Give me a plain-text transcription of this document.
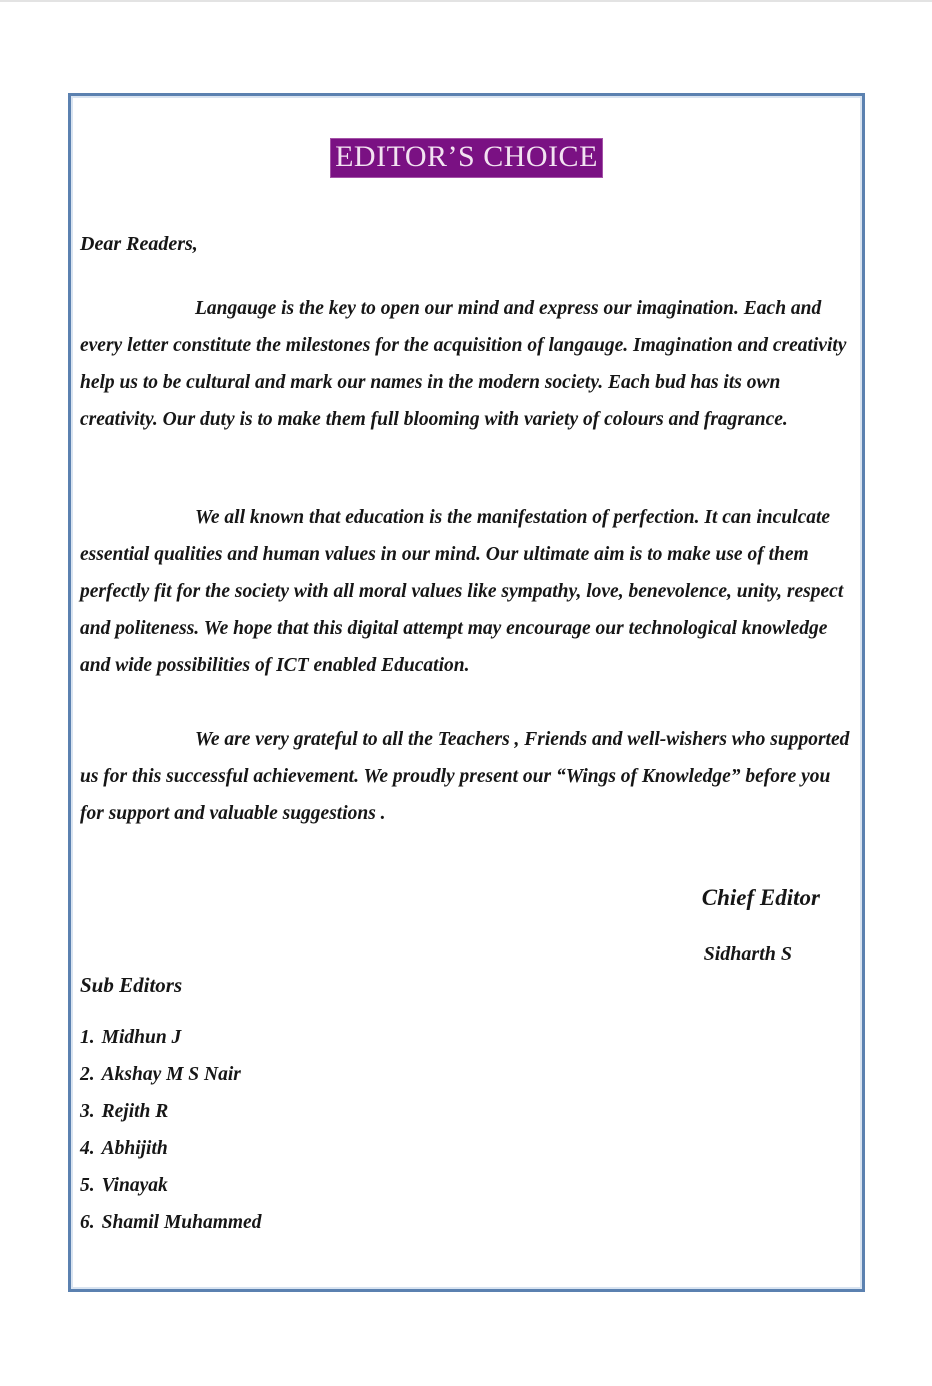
EDITOR’S CHOICE

Dear Readers,

Langauge is the key to open our mind and express our imagination. Each and every letter constitute the milestones for the acquisition of langauge. Imagination and creativity help us to be cultural and mark our names in the modern society. Each bud has its own creativity. Our duty is to make them full blooming with variety of colours and fragrance.

We all known that education is the manifestation of perfection. It can inculcate essential qualities and human values in our mind. Our ultimate aim is to make use of them perfectly fit for the society with all moral values like sympathy, love, benevolence, unity, respect and politeness. We hope that this digital attempt may encourage our technological knowledge and wide possibilities of ICT enabled Education.

We are very grateful to all the Teachers , Friends and well-wishers who supported us for this successful achievement. We proudly present our “Wings of Knowledge” before you for support and valuable suggestions .

Chief Editor
Sidharth S
Sub Editors
1. Midhun J
2. Akshay M S Nair
3. Rejith R
4. Abhijith
5. Vinayak
6. Shamil Muhammed
